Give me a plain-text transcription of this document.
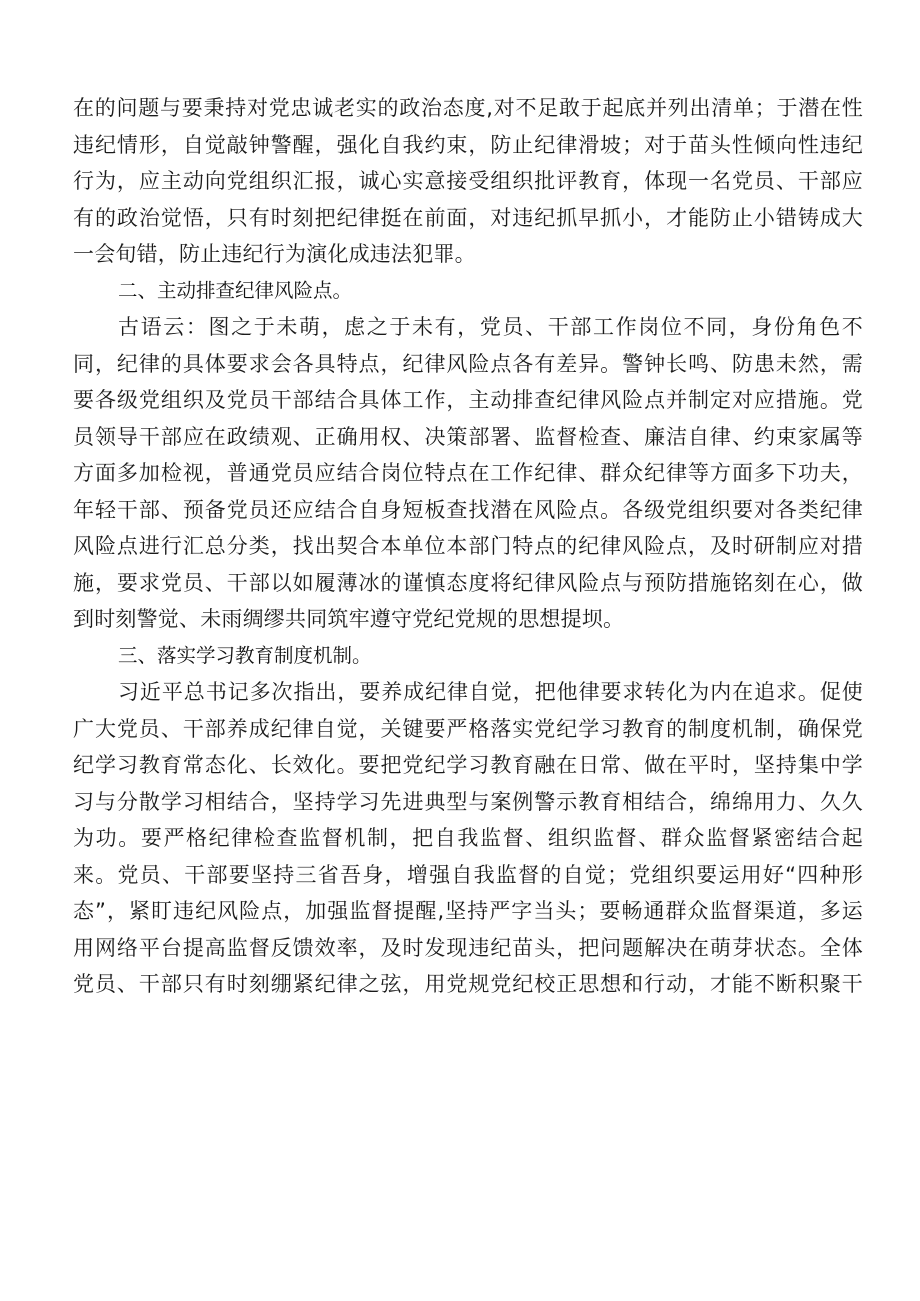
在的问题与要秉持对党忠诚老实的政治态度,对不足敢于起底并列出清单；于潜在性
违纪情形，自觉敲钟警醒，强化自我约束，防止纪律滑坡；对于苗头性倾向性违纪
行为，应主动向党组织汇报，诚心实意接受组织批评教育，体现一名党员、干部应
有的政治觉悟，只有时刻把纪律挺在前面，对违纪抓早抓小，才能防止小错铸成大
一会旬错，防止违纪行为演化成违法犯罪。
二、主动排查纪律风险点。
古语云：图之于未萌，虑之于未有，党员、干部工作岗位不同，身份角色不
同，纪律的具体要求会各具特点，纪律风险点各有差异。警钟长鸣、防患未然，需
要各级党组织及党员干部结合具体工作，主动排查纪律风险点并制定对应措施。党
员领导干部应在政绩观、正确用权、决策部署、监督检查、廉洁自律、约束家属等
方面多加检视，普通党员应结合岗位特点在工作纪律、群众纪律等方面多下功夫，
年轻干部、预备党员还应结合自身短板查找潜在风险点。各级党组织要对各类纪律
风险点进行汇总分类，找出契合本单位本部门特点的纪律风险点，及时研制应对措
施，要求党员、干部以如履薄冰的谨慎态度将纪律风险点与预防措施铭刻在心，做
到时刻警觉、未雨绸缪共同筑牢遵守党纪党规的思想提坝。
三、落实学习教育制度机制。
习近平总书记多次指出，要养成纪律自觉，把他律要求转化为内在追求。促使
广大党员、干部养成纪律自觉，关键要严格落实党纪学习教育的制度机制，确保党
纪学习教育常态化、长效化。要把党纪学习教育融在日常、做在平时，坚持集中学
习与分散学习相结合，坚持学习先进典型与案例警示教育相结合，绵绵用力、久久
为功。要严格纪律检查监督机制，把自我监督、组织监督、群众监督紧密结合起
来。党员、干部要坚持三省吾身，增强自我监督的自觉；党组织要运用好“四种形
态”，紧盯违纪风险点，加强监督提醒,坚持严字当头；要畅通群众监督渠道，多运
用网络平台提高监督反馈效率，及时发现违纪苗头，把问题解决在萌芽状态。全体
党员、干部只有时刻绷紧纪律之弦，用党规党纪校正思想和行动，才能不断积聚干
